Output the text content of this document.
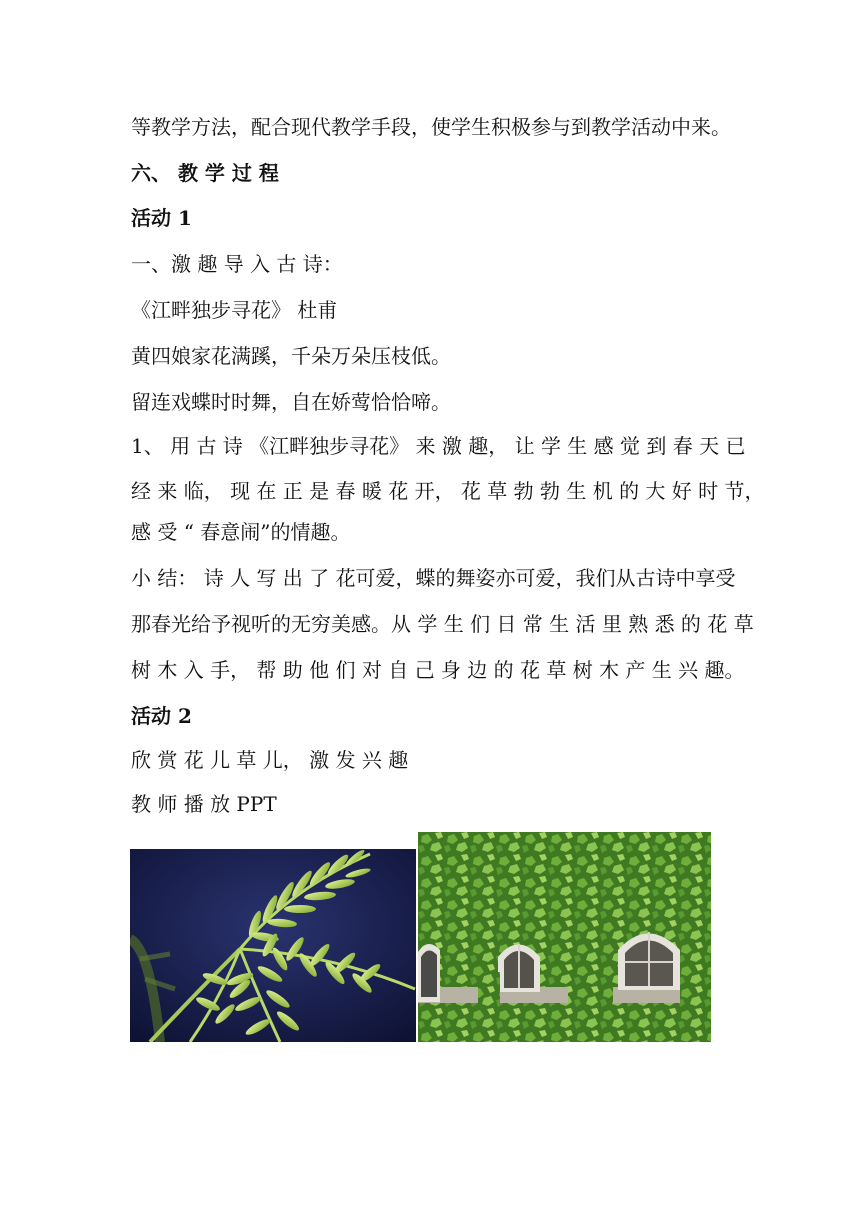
等教学方法，配合现代教学手段，使学生积极参与到教学活动中来。
六、 教 学 过 程
活动 1
一、激 趣 导 入 古 诗：
《江畔独步寻花》 杜甫
黄四娘家花满蹊，千朵万朵压枝低。
留连戏蝶时时舞，自在娇莺恰恰啼。
1、 用 古 诗 《江畔独步寻花》 来 激 趣， 让 学 生 感 觉 到 春 天 已
经 来 临， 现 在 正 是 春 暖 花 开， 花 草 勃 勃 生 机 的 大 好 时 节，
感 受 “ 春意闹”的情趣。
小 结： 诗 人 写 出 了 花可爱，蝶的舞姿亦可爱，我们从古诗中享受
那春光给予视听的无穷美感。从 学 生 们 日 常 生 活 里 熟 悉 的 花 草
树 木 入 手， 帮 助 他 们 对 自 己 身 边 的 花 草 树 木 产 生 兴 趣。
活动 2
欣 赏 花 儿 草 儿， 激 发 兴 趣
教 师 播 放 PPT
